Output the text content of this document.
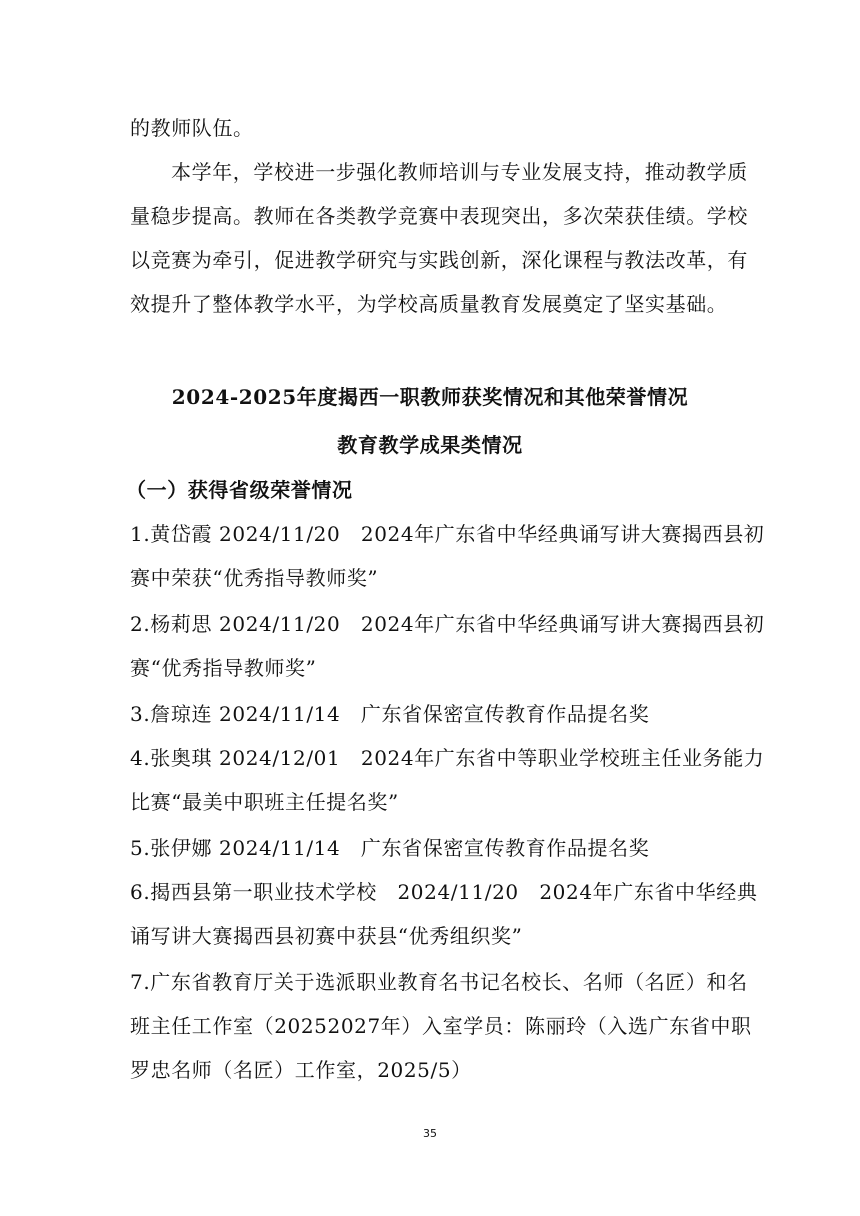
的教师队伍。
本学年，学校进一步强化教师培训与专业发展支持，推动教学质
量稳步提高。教师在各类教学竞赛中表现突出，多次荣获佳绩。学校
以竞赛为牵引，促进教学研究与实践创新，深化课程与教法改革，有
效提升了整体教学水平，为学校高质量教育发展奠定了坚实基础。
2024-2025年度揭西一职教师获奖情况和其他荣誉情况
教育教学成果类情况
（一）获得省级荣誉情况
1.黄岱霞 2024/11/20　2024年广东省中华经典诵写讲大赛揭西县初
赛中荣获“优秀指导教师奖”
2.杨莉思 2024/11/20　2024年广东省中华经典诵写讲大赛揭西县初
赛“优秀指导教师奖”
3.詹琼连 2024/11/14　广东省保密宣传教育作品提名奖
4.张奥琪 2024/12/01　2024年广东省中等职业学校班主任业务能力
比赛“最美中职班主任提名奖”
5.张伊娜 2024/11/14　广东省保密宣传教育作品提名奖
6.揭西县第一职业技术学校　2024/11/20　2024年广东省中华经典
诵写讲大赛揭西县初赛中获县“优秀组织奖”
7.广东省教育厅关于选派职业教育名书记名校长、名师（名匠）和名
班主任工作室（20252027年）入室学员：陈丽玲（入选广东省中职
罗忠名师（名匠）工作室，2025/5）
35
